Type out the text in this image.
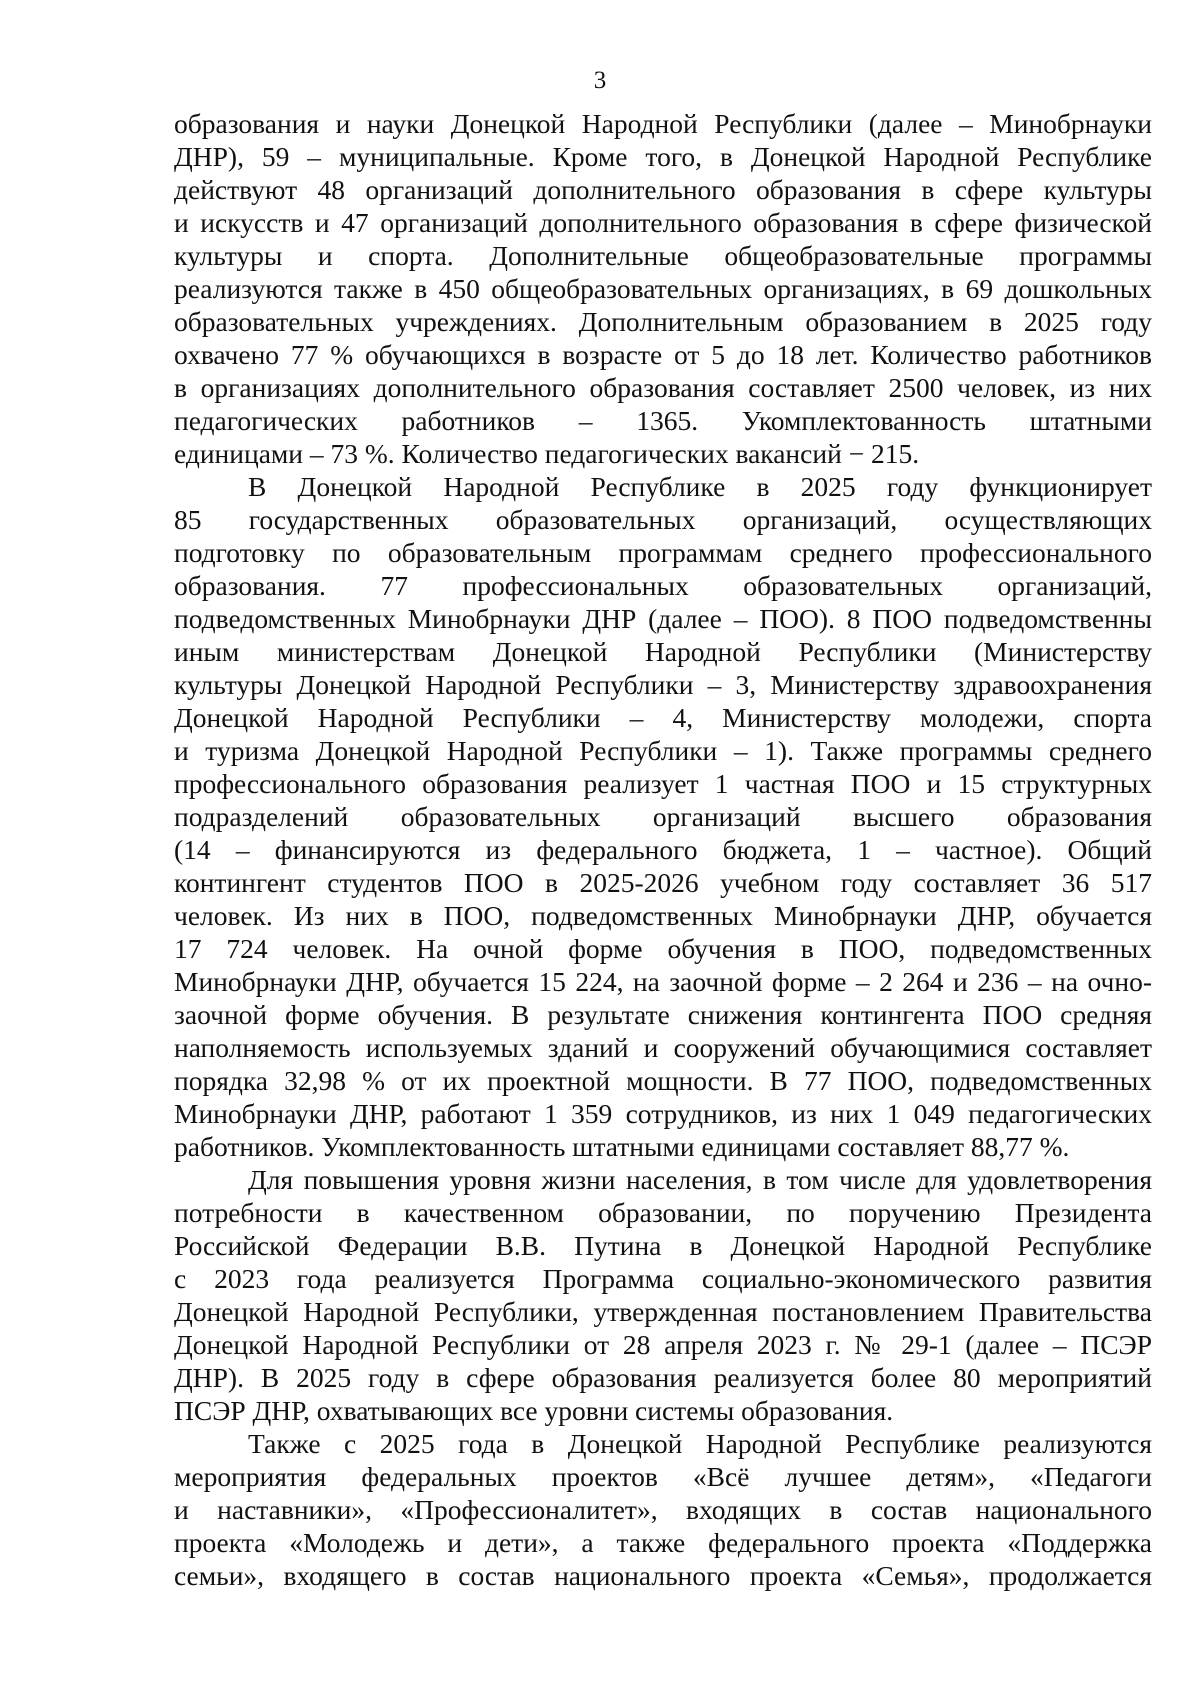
3
образования и науки Донецкой Народной Республики (далее – Минобрнауки
ДНР), 59 – муниципальные. Кроме того, в Донецкой Народной Республике
действуют 48 организаций дополнительного образования в сфере культуры
и искусств и 47 организаций дополнительного образования в сфере физической
культуры и спорта. Дополнительные общеобразовательные программы
реализуются также в 450 общеобразовательных организациях, в 69 дошкольных
образовательных учреждениях. Дополнительным образованием в 2025 году
охвачено 77 % обучающихся в возрасте от 5 до 18 лет. Количество работников
в организациях дополнительного образования составляет 2500 человек, из них
педагогических работников – 1365. Укомплектованность штатными
единицами – 73 %. Количество педагогических вакансий − 215.
В Донецкой Народной Республике в 2025 году функционирует
85 государственных образовательных организаций, осуществляющих
подготовку по образовательным программам среднего профессионального
образования. 77 профессиональных образовательных организаций,
подведомственных Минобрнауки ДНР (далее – ПОО). 8 ПОО подведомственны
иным министерствам Донецкой Народной Республики (Министерству
культуры Донецкой Народной Республики – 3, Министерству здравоохранения
Донецкой Народной Республики – 4, Министерству молодежи, спорта
и туризма Донецкой Народной Республики – 1). Также программы среднего
профессионального образования реализует 1 частная ПОО и 15 структурных
подразделений образовательных организаций высшего образования
(14 – финансируются из федерального бюджета, 1 – частное). Общий
контингент студентов ПОО в 2025-2026 учебном году составляет 36 517
человек. Из них в ПОО, подведомственных Минобрнауки ДНР, обучается
17 724 человек. На очной форме обучения в ПОО, подведомственных
Минобрнауки ДНР, обучается 15 224, на заочной форме – 2 264 и 236 – на очно-
заочной форме обучения. В результате снижения контингента ПОО средняя
наполняемость используемых зданий и сооружений обучающимися составляет
порядка 32,98 % от их проектной мощности. В 77 ПОО, подведомственных
Минобрнауки ДНР, работают 1 359 сотрудников, из них 1 049 педагогических
работников. Укомплектованность штатными единицами составляет 88,77 %.
Для повышения уровня жизни населения, в том числе для удовлетворения
потребности в качественном образовании, по поручению Президента
Российской Федерации В.В. Путина в Донецкой Народной Республике
с 2023 года реализуется Программа социально-экономического развития
Донецкой Народной Республики, утвержденная постановлением Правительства
Донецкой Народной Республики от 28 апреля 2023 г. № 29-1 (далее – ПСЭР
ДНР). В 2025 году в сфере образования реализуется более 80 мероприятий
ПСЭР ДНР, охватывающих все уровни системы образования.
Также с 2025 года в Донецкой Народной Республике реализуются
мероприятия федеральных проектов «Всё лучшее детям», «Педагоги
и наставники», «Профессионалитет», входящих в состав национального
проекта «Молодежь и дети», а также федерального проекта «Поддержка
семьи», входящего в состав национального проекта «Семья», продолжается
